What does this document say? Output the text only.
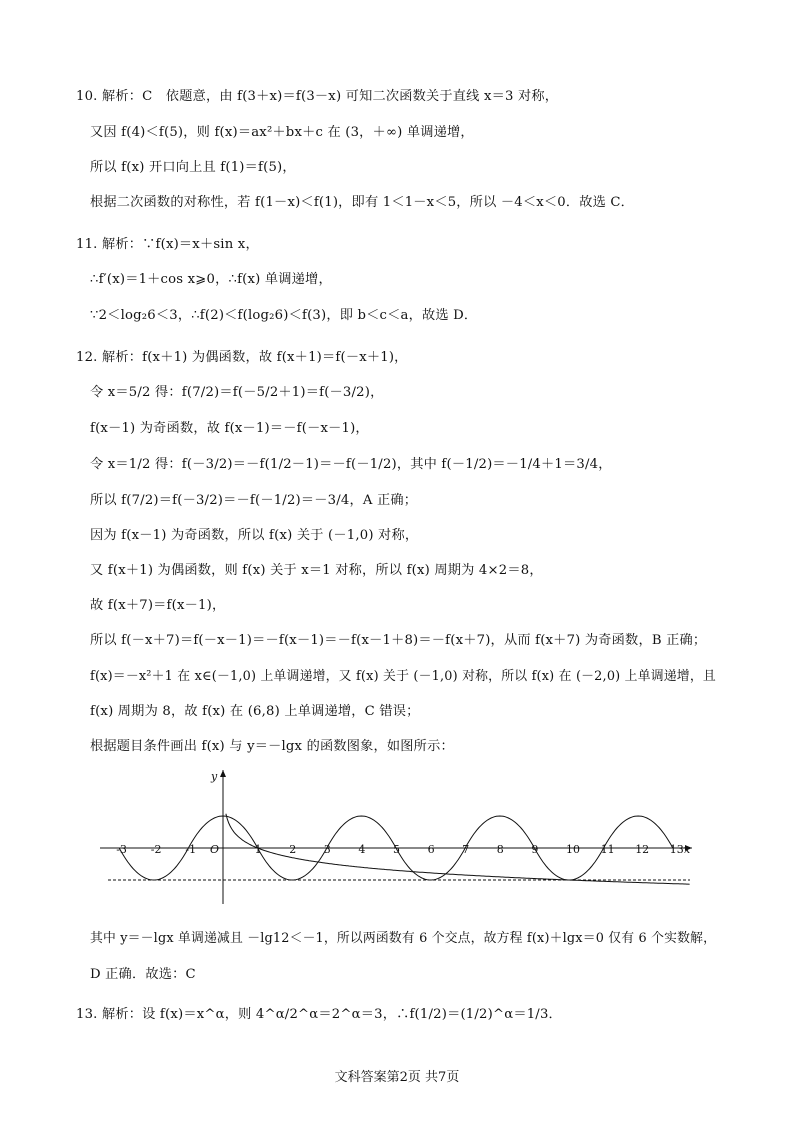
10. 解析：C　依题意，由 f(3＋x)＝f(3－x) 可知二次函数关于直线 x＝3 对称，
又因 f(4)＜f(5)，则 f(x)＝ax²＋bx＋c 在 (3，＋∞) 单调递增，
所以 f(x) 开口向上且 f(1)＝f(5)，
根据二次函数的对称性，若 f(1－x)＜f(1)，即有 1＜1－x＜5，所以 －4＜x＜0．故选 C．
11. 解析：∵f(x)＝x＋sin x，
∴f′(x)＝1＋cos x⩾0，∴f(x) 单调递增，
∵2＜log₂6＜3，∴f(2)＜f(log₂6)＜f(3)，即 b＜c＜a，故选 D．
12. 解析：f(x＋1) 为偶函数，故 f(x＋1)＝f(－x＋1)，
令 x＝5/2 得：f(7/2)＝f(－5/2＋1)＝f(－3/2)，
f(x－1) 为奇函数，故 f(x－1)＝－f(－x－1)，
令 x＝1/2 得：f(－3/2)＝－f(1/2－1)＝－f(－1/2)，其中 f(－1/2)＝－1/4＋1＝3/4，
所以 f(7/2)＝f(－3/2)＝－f(－1/2)＝－3/4，A 正确；
因为 f(x－1) 为奇函数，所以 f(x) 关于 (－1,0) 对称，
又 f(x＋1) 为偶函数，则 f(x) 关于 x＝1 对称，所以 f(x) 周期为 4×2＝8，
故 f(x＋7)＝f(x－1)，
所以 f(－x＋7)＝f(－x－1)＝－f(x－1)＝－f(x－1＋8)＝－f(x＋7)，从而 f(x＋7) 为奇函数，B 正确；
f(x)＝－x²＋1 在 x∈(－1,0) 上单调递增，又 f(x) 关于 (－1,0) 对称，所以 f(x) 在 (－2,0) 上单调递增，且
f(x) 周期为 8，故 f(x) 在 (6,8) 上单调递增，C 错误；
根据题目条件画出 f(x) 与 y＝－lgx 的函数图象，如图所示：
-3 -2 -1	1	2	3	4	5	6	7	8	9	10 11 12 13
O
y
x
其中 y＝－lgx 单调递减且 －lg12＜－1，所以两函数有 6 个交点，故方程 f(x)＋lgx＝0 仅有 6 个实数解，
D 正确．故选：C
13. 解析：设 f(x)＝x^α，则 4^α/2^α＝2^α＝3，∴f(1/2)＝(1/2)^α＝1/3．
文科答案第2页 共7页
